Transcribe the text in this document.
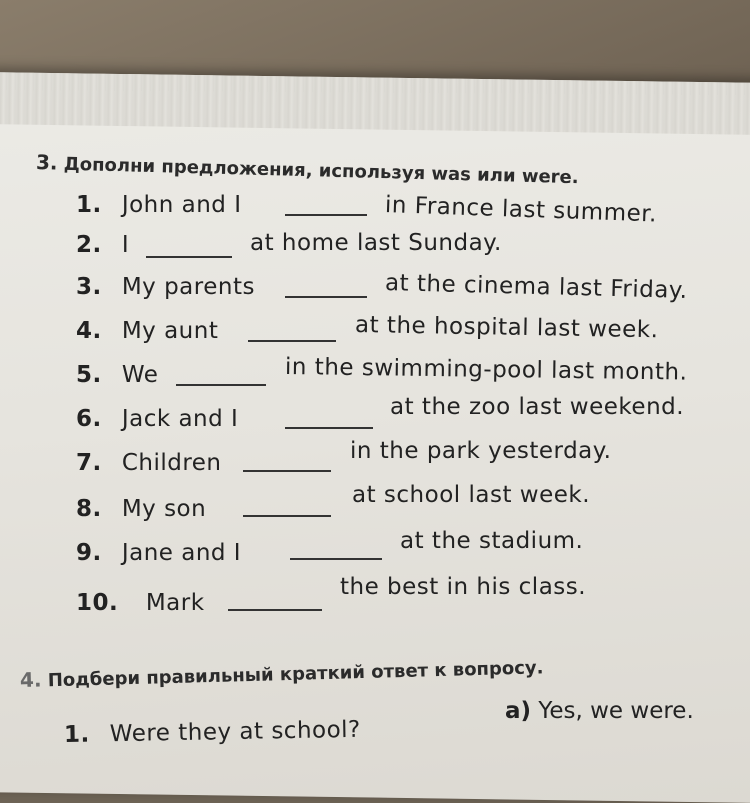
3. Дополни предложения, используя was или were.
1. John and I	in France last summer.
2. I	at home last Sunday.
3. My parents	at the cinema last Friday.
4. My aunt	at the hospital last week.
5. We	in the swimming-pool last month.
6. Jack and I	at the zoo last weekend.
7. Children	in the park yesterday.
8. My son
at school last week.
9. Jane and I	at the stadium.
10. Mark
the best in his class.
4. Подбери правильный краткий ответ к вопросу.
1. Were they at school?
a) Yes, we were.
